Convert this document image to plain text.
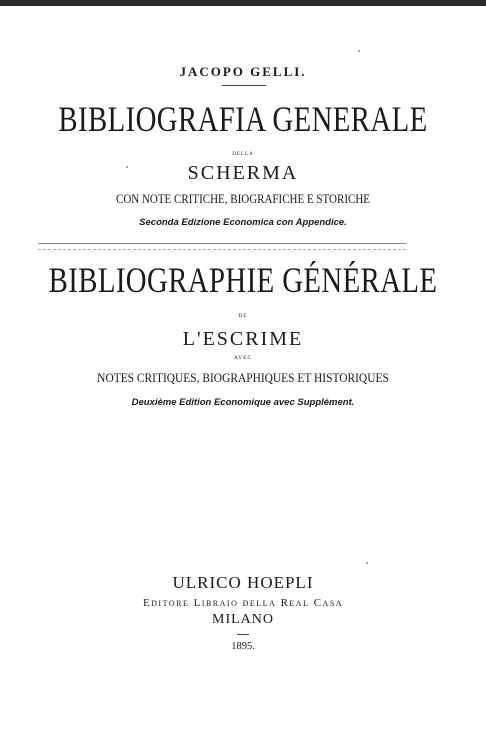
JACOPO GELLI.
BIBLIOGRAFIA GENERALE
DELLA
SCHERMA
CON NOTE CRITICHE, BIOGRAFICHE E STORICHE
Seconda Edizione Economica con Appendice.
BIBLIOGRAPHIE GÉNÉRALE
DE
L'ESCRIME
AVEC
NOTES CRITIQUES, BIOGRAPHIQUES ET HISTORIQUES
Deuxième Edition Economique avec Supplément.
ULRICO HOEPLI
Editore Libraio della Real Casa
MILANO
1895.
